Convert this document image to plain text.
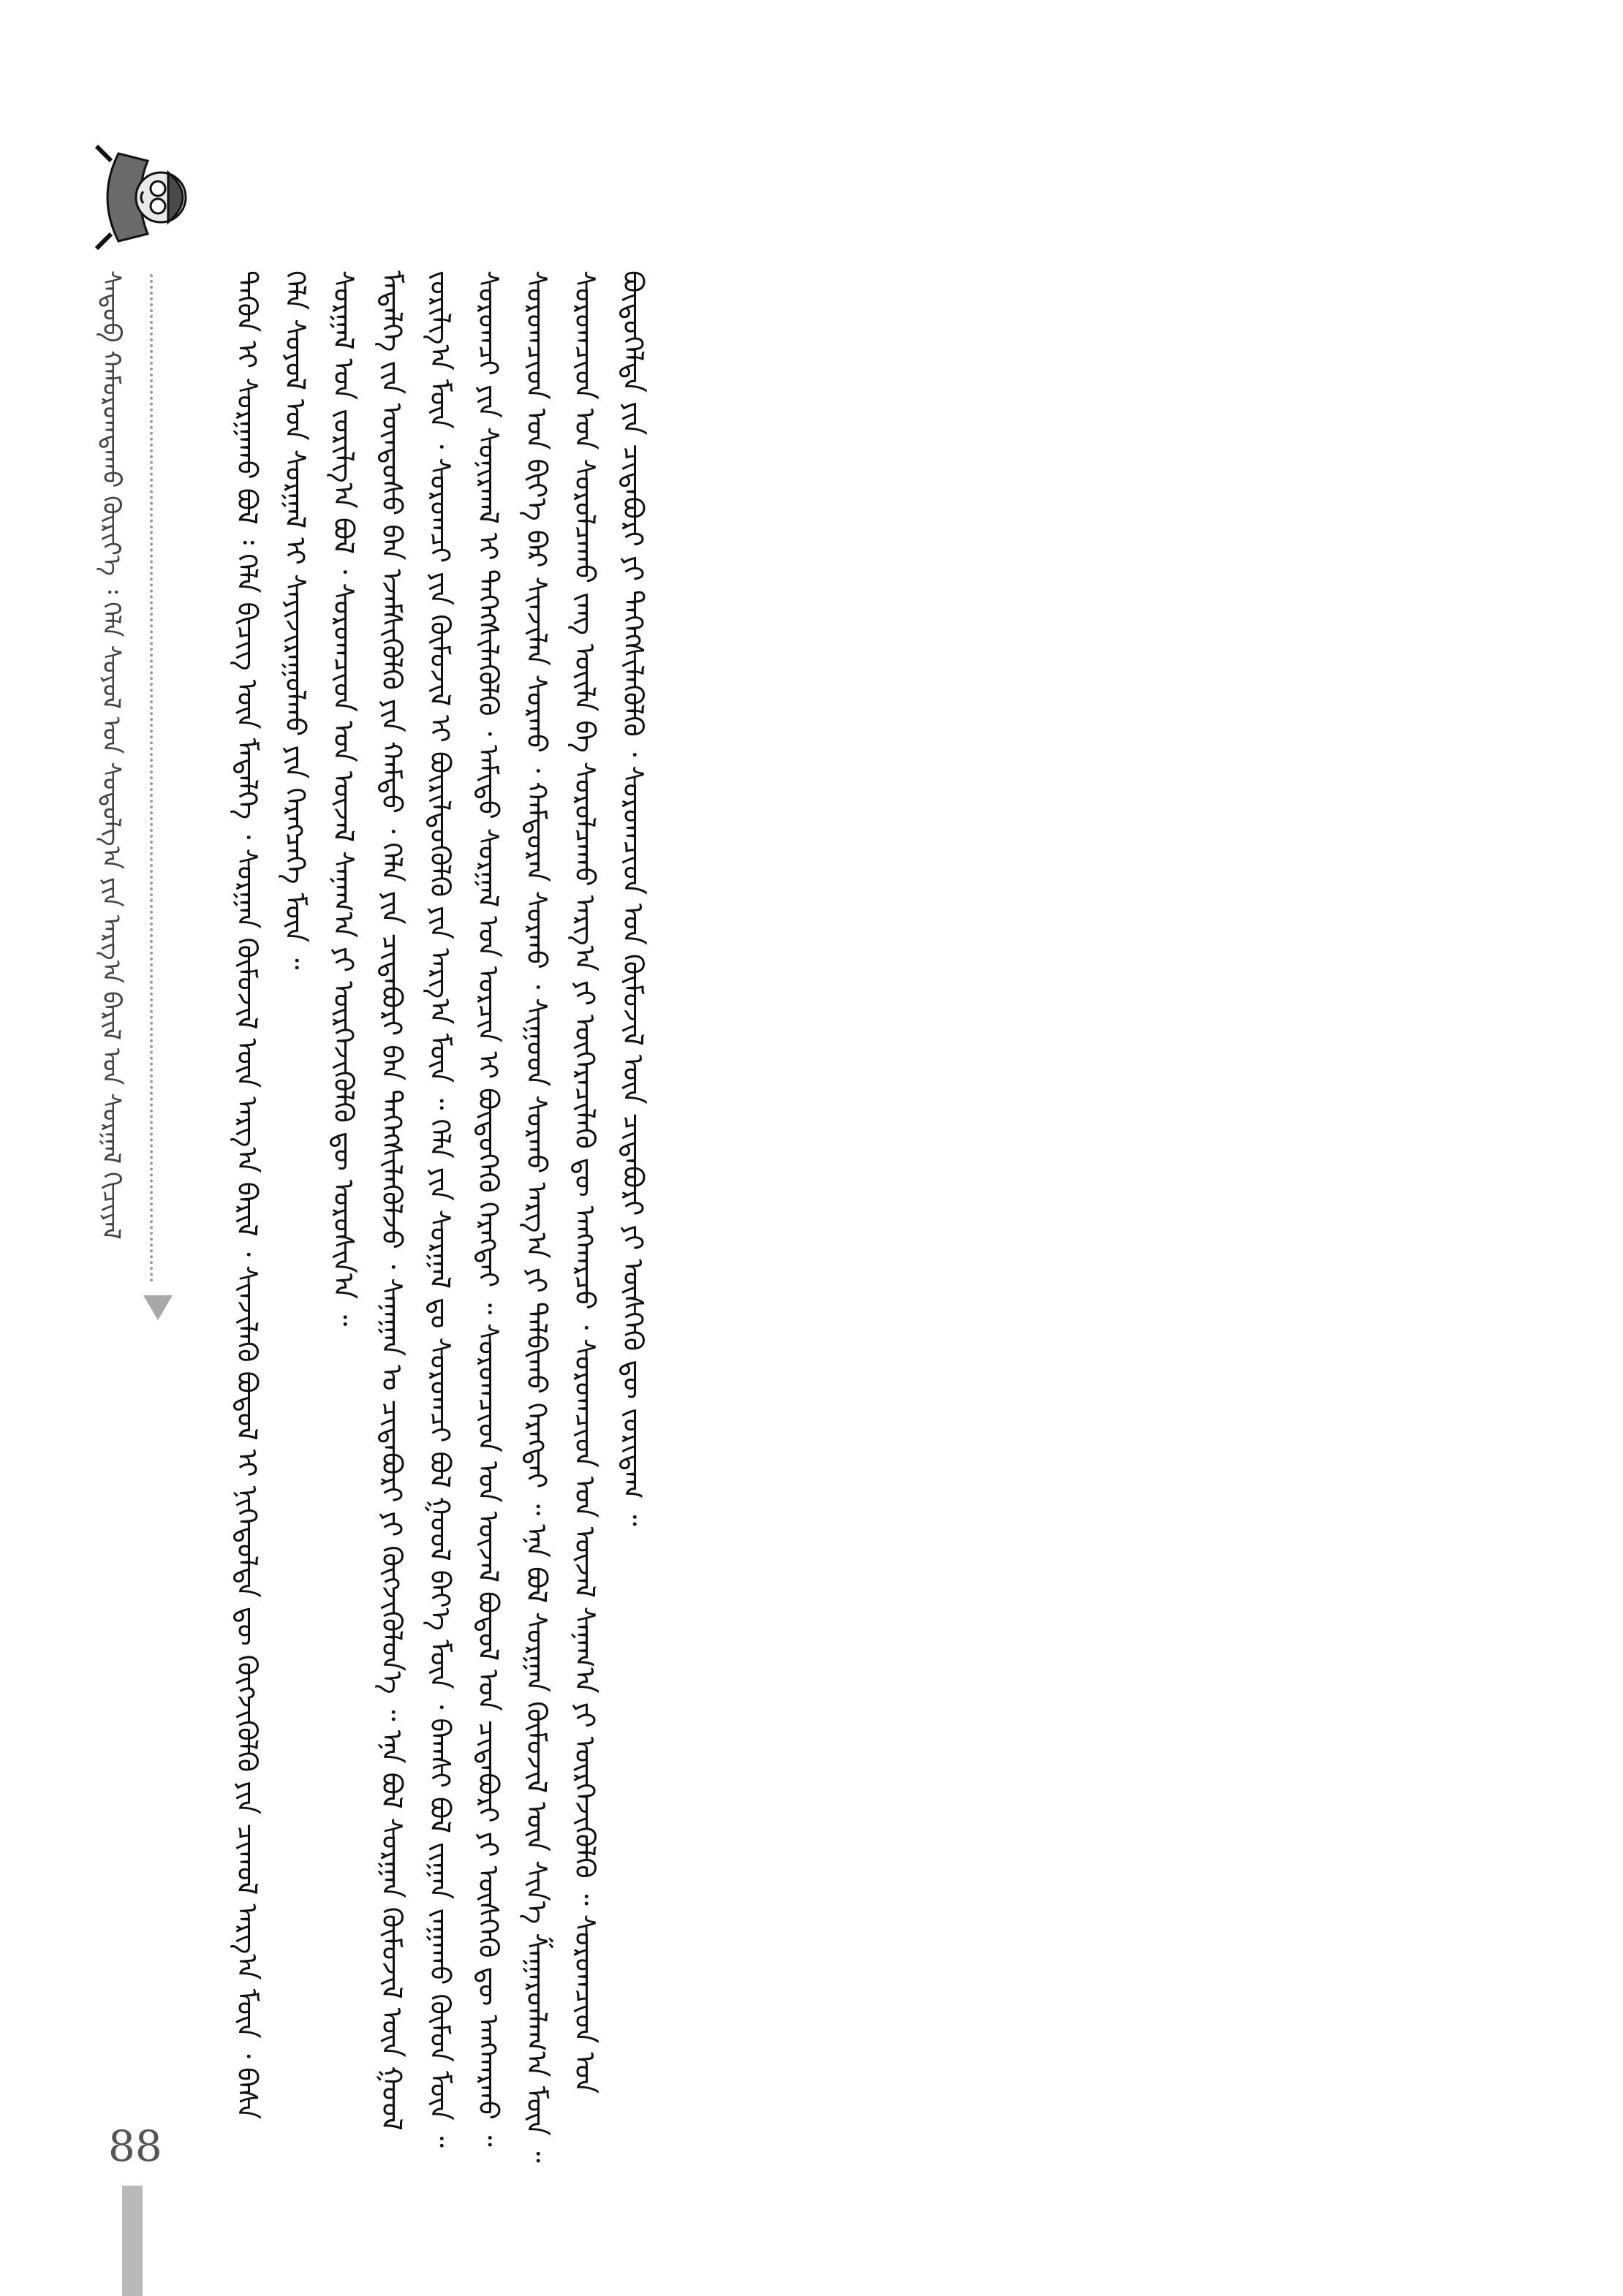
ᠰᠡᠳᠦᠪ ᠬᠠᠮᠤᠷᠤᠭᠳᠠᠬᠤ ᠬᠦᠷᠢᠶ᠎ᠡ ᠄ ᠬᠡᠯᠡ ᠰᠣᠶᠤᠯ ᠤᠨ ᠰᠤᠳᠤᠯᠭ᠎ᠠ ᠶᠢᠨ ᠠᠷᠭ᠎ᠠ ᠪᠠᠷᠢᠯ ᠤᠨ ᠰᠤᠷᠭᠠᠯ ᠬᠢᠴᠢᠶᠡᠯ	ᠲᠡᠭᠦᠨ ᠢ ᠰᠤᠷᠭᠠᠬᠤ ᠪᠣᠯ ᠄ ᠬᠡᠯᠡ ᠪᠢᠴᠢᠭ ᠦᠨ ᠮᠡᠳᠡᠯᠭᠡ ᠂ ᠰᠤᠷᠭᠠᠨ ᠬᠦᠮᠦᠵᠢᠯ ᠦᠨ ᠠᠷᠭ᠎ᠠ ᠪᠠᠷᠢᠯ ᠂ ᠰᠢᠨᠵᠢᠯᠡᠬᠦ ᠪᠣᠳᠣᠯ ᠢ ᠨᠢᠭᠡᠳᠦᠯᠳᠡ ᠳᠦ ᠬᠥᠭᠵᠢᠭᠦᠯᠬᠦ ᠶᠢᠨ ᠴᠢᠬᠤᠯ ᠠᠷᠭ᠎ᠠ ᠮᠥᠨ ᠂ ᠪᠠᠰᠠ ᠬᠡᠯᠡ ᠰᠤᠶᠤᠯ ᠤᠨ ᠰᠤᠷᠭᠠᠯ ᠢ ᠰᠠᠶᠢᠵᠢᠷᠠᠭᠤᠯᠬᠤ ᠶᠢᠨ ᠬᠡᠷᠡᠭᠴᠡᠭᠡ ᠮᠥᠨ ᠃ ᠰᠤᠷᠭᠠᠯ ᠤᠨ ᠵᠣᠷᠢᠯᠭ᠎ᠠ ᠪᠣᠯ ᠂ ᠰᠤᠷᠤᠭᠴᠢᠳ ᠤᠨ ᠦᠵᠡᠯ ᠰᠠᠨᠠᠭ᠎ᠠ ᠶᠢ ᠥᠷᠭᠡᠵᠢᠭᠦᠯᠬᠦ ᠳᠦ ᠣᠷᠤᠰᠢᠨ᠎ᠠ ᠃ ᠮᠡᠳᠡᠯᠭᠡ ᠵᠢᠨ ᠦᠨᠳᠦᠰᠦ ᠪᠡᠨ ᠡᠵᠡᠮᠰᠢᠭᠦᠯᠬᠦ ᠶᠢᠨ ᠬᠠᠮᠲᠤ ᠂ ᠬᠡᠯᠡ ᠶᠢᠨ ᠴᠢᠳᠠᠪᠤᠷᠢ ᠪᠠᠨ ᠳᠡᠭᠡᠭᠰᠢᠯᠡᠭᠦᠯᠵᠦ ᠂ ᠰᠠᠨᠠᠭᠠᠨ ᠤ ᠴᠢᠳᠠᠪᠤᠷᠢ ᠶᠢ ᠬᠥᠭᠵᠢᠭᠦᠯᠦᠨ᠎ᠡ ᠃ ᠡᠨᠡ ᠪᠣᠯ ᠰᠤᠷᠭᠠᠨ ᠬᠦᠮᠦᠵᠢᠯ ᠦᠨ ᠭᠣᠣᠯ ᠵᠣᠷᠢᠯᠭ᠎ᠠ ᠮᠥᠨ ᠂ ᠰᠤᠷᠤᠭᠴᠢ ᠶᠢᠨ ᠬᠦᠮᠦᠵᠢᠯ ᠢ ᠪᠦᠷᠢᠯᠳᠦᠭᠦᠯᠬᠦ ᠶᠢᠨ ᠠᠷᠭ᠎ᠠ ᠮᠥᠨ ᠃ ᠬᠡᠯᠡ ᠶᠢᠨ ᠰᠤᠷᠭᠠᠯ ᠳᠤ ᠰᠤᠷᠤᠭᠴᠢ ᠪᠣᠯ ᠭᠣᠣᠯ ᠪᠡᠶ᠎ᠡ ᠮᠥᠨ ᠂ ᠪᠠᠭᠰᠢ ᠪᠣᠯ ᠵᠢᠭᠠᠨ ᠵᠠᠭᠠᠬᠤ ᠬᠦᠮᠦᠨ ᠮᠥᠨ ᠃ ᠰᠤᠷᠤᠭᠴᠢ ᠶᠢᠨ ᠰᠣᠨᠢᠷᠬᠠᠯ ᠢ ᠳᠡᠭᠡᠭᠰᠢᠯᠡᠭᠦᠯᠬᠦ ᠂ ᠠᠮᠢᠳᠤ ᠰᠤᠷᠭᠠᠯ ᠤᠨ ᠣᠷᠴᠢᠨ ᠢ ᠪᠦᠲᠦᠭᠡᠬᠦ ᠬᠡᠷᠡᠭᠲᠡᠢ ᠃ ᠰᠤᠷᠤᠭᠴᠢᠳ ᠤᠨ ᠦᠵᠡᠯ ᠪᠣᠳᠣᠯ ᠤᠨ ᠴᠢᠳᠠᠪᠤᠷᠢ ᠶᠢ ᠥᠰᠬᠡᠬᠦ ᠳᠦ ᠠᠩᠬᠠᠷᠬᠤ ᠃ ᠰᠤᠷᠤᠭᠴᠢᠳ ᠤᠨ ᠪᠢᠶ᠎ᠡ ᠪᠡᠷ ᠰᠢᠨᠵᠢᠯᠡᠨ ᠰᠤᠷᠬᠤ ᠂ ᠬᠠᠮᠳᠤᠷᠠᠨ ᠰᠤᠷᠬᠤ ᠂ ᠰᠢᠭᠤᠳ ᠰᠤᠷᠬᠤ ᠠᠷᠭ᠎ᠠ ᠶᠢ ᠲᠠᠯᠪᠢᠬᠤ ᠬᠡᠷᠡᠭᠲᠡᠢ ᠃ ᠡᠨᠡ ᠪᠣᠯ ᠰᠤᠷᠭᠠᠨ ᠬᠦᠮᠦᠵᠢᠯ ᠦᠨ ᠰᠢᠨ᠎ᠡ ᠱᠠᠭᠠᠷᠳᠯᠠᠭ᠎ᠠ ᠮᠥᠨ ᠃ ᠰᠤᠷᠤᠭᠴᠢᠳ ᠤᠨ ᠰᠤᠷᠤᠯᠴᠠᠬᠤ ᠵᠠᠩ ᠦᠢᠯᠡ ᠪᠠ ᠰᠤᠷᠤᠯᠴᠠᠬᠤ ᠠᠷᠭ᠎ᠠ ᠶᠢ ᠥᠭᠡᠷᠡᠴᠢᠯᠡᠬᠦ ᠳᠦ ᠠᠩᠬᠠᠷᠴᠤ ᠂ ᠰᠤᠷᠤᠭᠴᠢᠳ ᠤᠨ ᠦᠵᠡᠯ ᠰᠠᠨᠠᠭ᠎ᠠ ᠶᠢ ᠥᠷᠭᠡᠵᠢᠭᠦᠯᠬᠦ ᠃ ᠰᠤᠷᠤᠭᠴᠢᠳ ᠤᠨ ᠪᠦᠲᠦᠭᠡᠯᠲᠡ ᠶᠢᠨ ᠴᠢᠳᠠᠪᠤᠷᠢ ᠶᠢ ᠳᠡᠭᠡᠭᠰᠢᠯᠡᠭᠦᠯᠬᠦ ᠂ ᠰᠤᠷᠤᠭᠴᠢᠳ ᠤᠨ ᠬᠦᠮᠦᠵᠢᠯ ᠦᠨ ᠴᠢᠳᠠᠪᠤᠷᠢ ᠶᠢ ᠥᠰᠬᠡᠬᠦ ᠳᠦ ᠵᠣᠷᠢᠳᠠᠭ ᠃

88
